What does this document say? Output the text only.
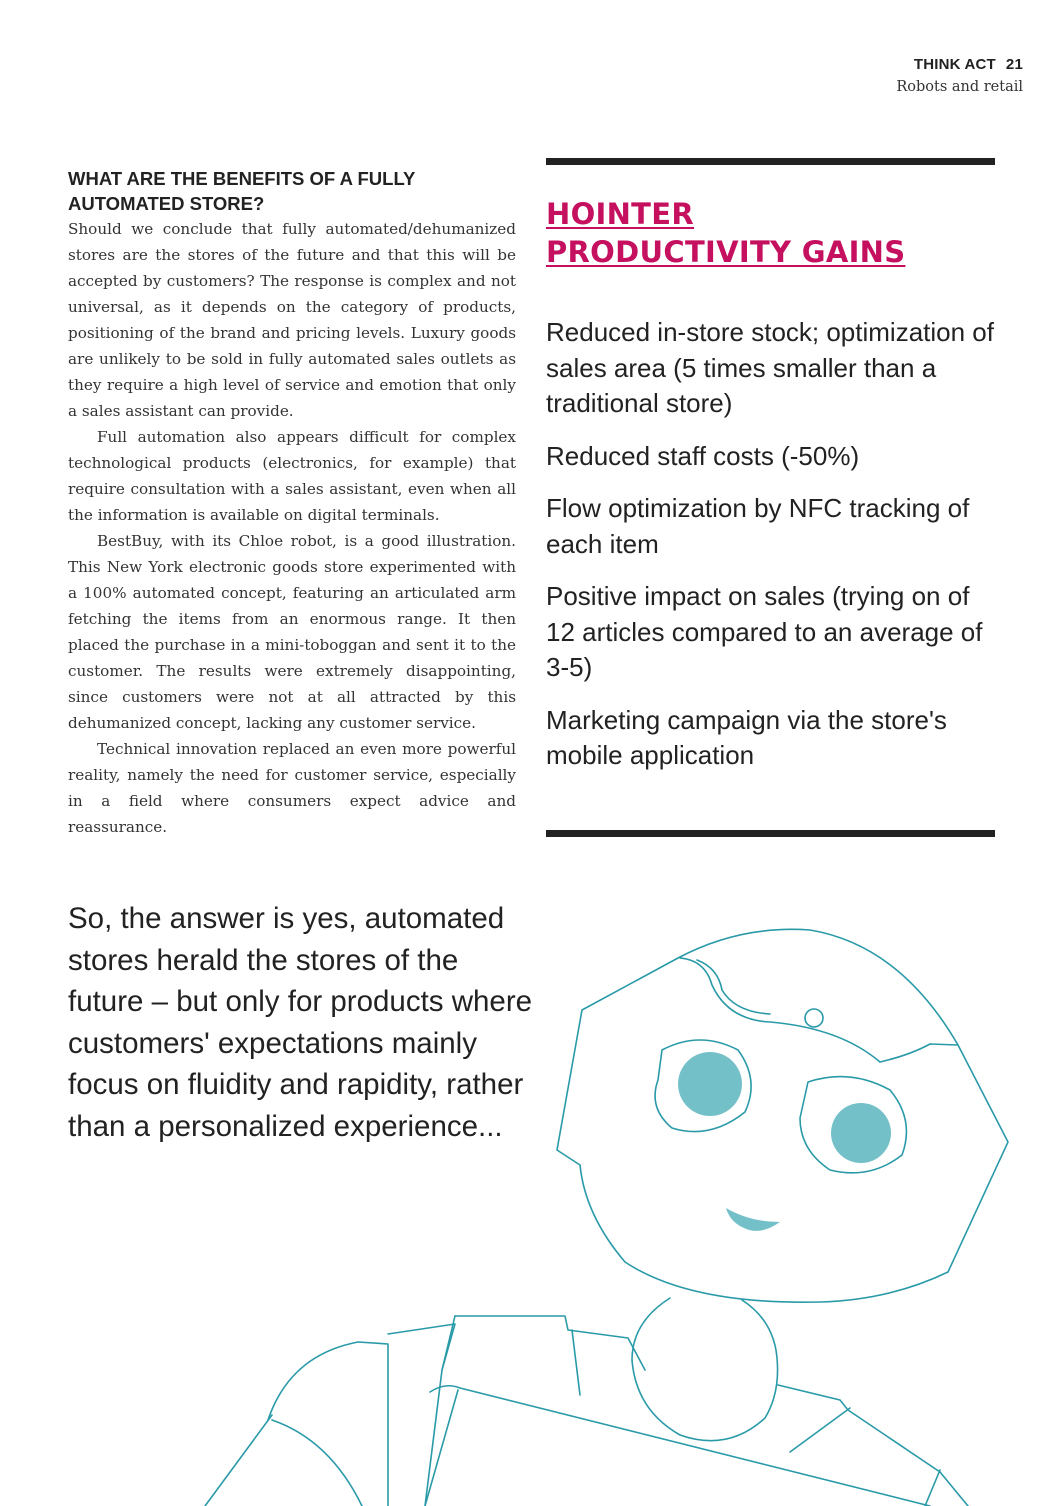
THINK ACT 21
Robots and retail
WHAT ARE THE BENEFITS OF A FULLY AUTOMATED STORE?

Should we conclude that fully automated/dehumanized stores are the stores of the future and that this will be accepted by customers? The response is complex and not universal, as it depends on the category of products, positioning of the brand and pricing levels. Luxury goods are unlikely to be sold in fully automated sales outlets as they require a high level of service and emotion that only a sales assistant can provide.

Full automation also appears difficult for complex technological products (electronics, for example) that require consultation with a sales assistant, even when all the information is available on digital terminals.

BestBuy, with its Chloe robot, is a good illustration. This New York electronic goods store experimented with a 100% automated concept, featuring an articulated arm fetching the items from an enormous range. It then placed the purchase in a mini-toboggan and sent it to the customer. The results were extremely disappointing, since customers were not at all attracted by this dehumanized concept, lacking any customer service.

Technical innovation replaced an even more powerful reality, namely the need for customer service, especially in a field where consumers expect advice and reassurance.

HOINTER
PRODUCTIVITY GAINS
Reduced in-store stock; optimization of sales area (5 times smaller than a traditional store)
Reduced staff costs (-50%)
Flow optimization by NFC tracking of each item
Positive impact on sales (trying on of 12 articles compared to an average of 3-5)
Marketing campaign via the store's mobile application

So, the answer is yes, automated stores herald the stores of the future – but only for products where customers' expectations mainly focus on fluidity and rapidity, rather than a personalized experience...
